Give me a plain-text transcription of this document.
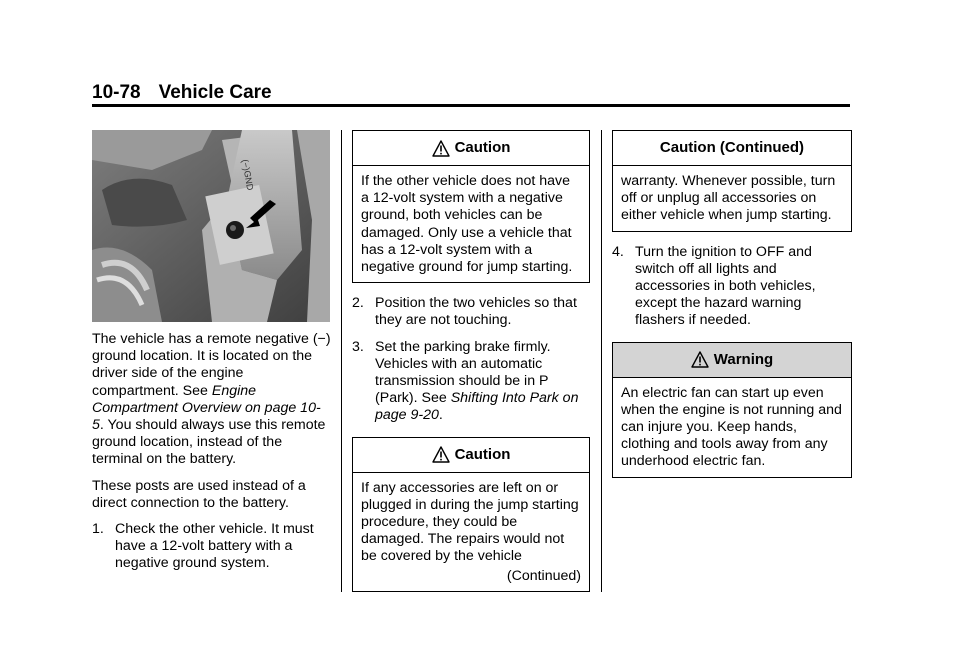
10-78 Vehicle Care
(−)GND

The vehicle has a remote negative (−) ground location. It is located on the driver side of the engine compartment. See Engine Compartment Overview on page 10-5. You should always use this remote ground location, instead of the terminal on the battery.

These posts are used instead of a direct connection to the battery.

1. Check the other vehicle. It must have a 12-volt battery with a negative ground system.
Caution
If the other vehicle does not have a 12-volt system with a negative ground, both vehicles can be damaged. Only use a vehicle that has a 12-volt system with a negative ground for jump starting.
2. Position the two vehicles so that they are not touching.
3. Set the parking brake firmly. Vehicles with an automatic transmission should be in P (Park). See Shifting Into Park on page 9-20.
Caution
If any accessories are left on or plugged in during the jump starting procedure, they could be damaged. The repairs would not be covered by the vehicle
(Continued)
Caution (Continued)
warranty. Whenever possible, turn off or unplug all accessories on either vehicle when jump starting.
4. Turn the ignition to OFF and switch off all lights and accessories in both vehicles, except the hazard warning flashers if needed.
Warning
An electric fan can start up even when the engine is not running and can injure you. Keep hands, clothing and tools away from any underhood electric fan.
